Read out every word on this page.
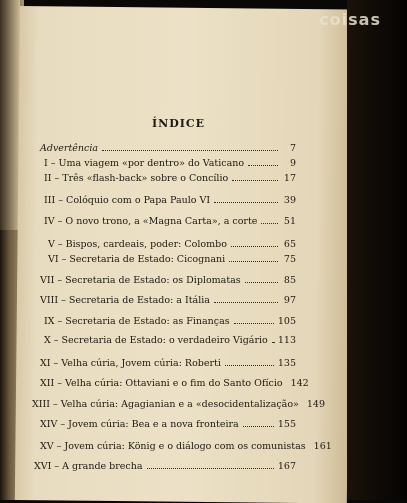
coisas
ÍNDICE
Advertência	7
I – Uma viagem «por dentro» do Vaticano	9
II – Três «flash-back» sobre o Concílio	17
III – Colóquio com o Papa Paulo VI	39
IV – O novo trono, a «Magna Carta», a corte	51
V – Bispos, cardeais, poder: Colombo	65
VI – Secretaria de Estado: Cicognani	75
VII – Secretaria de Estado: os Diplomatas	85
VIII – Secretaria de Estado: a Itália	97
IX – Secretaria de Estado: as Finanças	105
X – Secretaria de Estado: o verdadeiro Vigário 113
XI – Velha cúria, Jovem cúria: Roberti	135
XII – Velha cúria: Ottaviani e o fim do Santo Ofício 142
XIII – Velha cúria: Agagianian e a «desocidentalização» 149
XIV – Jovem cúria: Bea e a nova fronteira	155
XV – Jovem cúria: König e o diálogo com os comunistas 161
XVI – A grande brecha	167
